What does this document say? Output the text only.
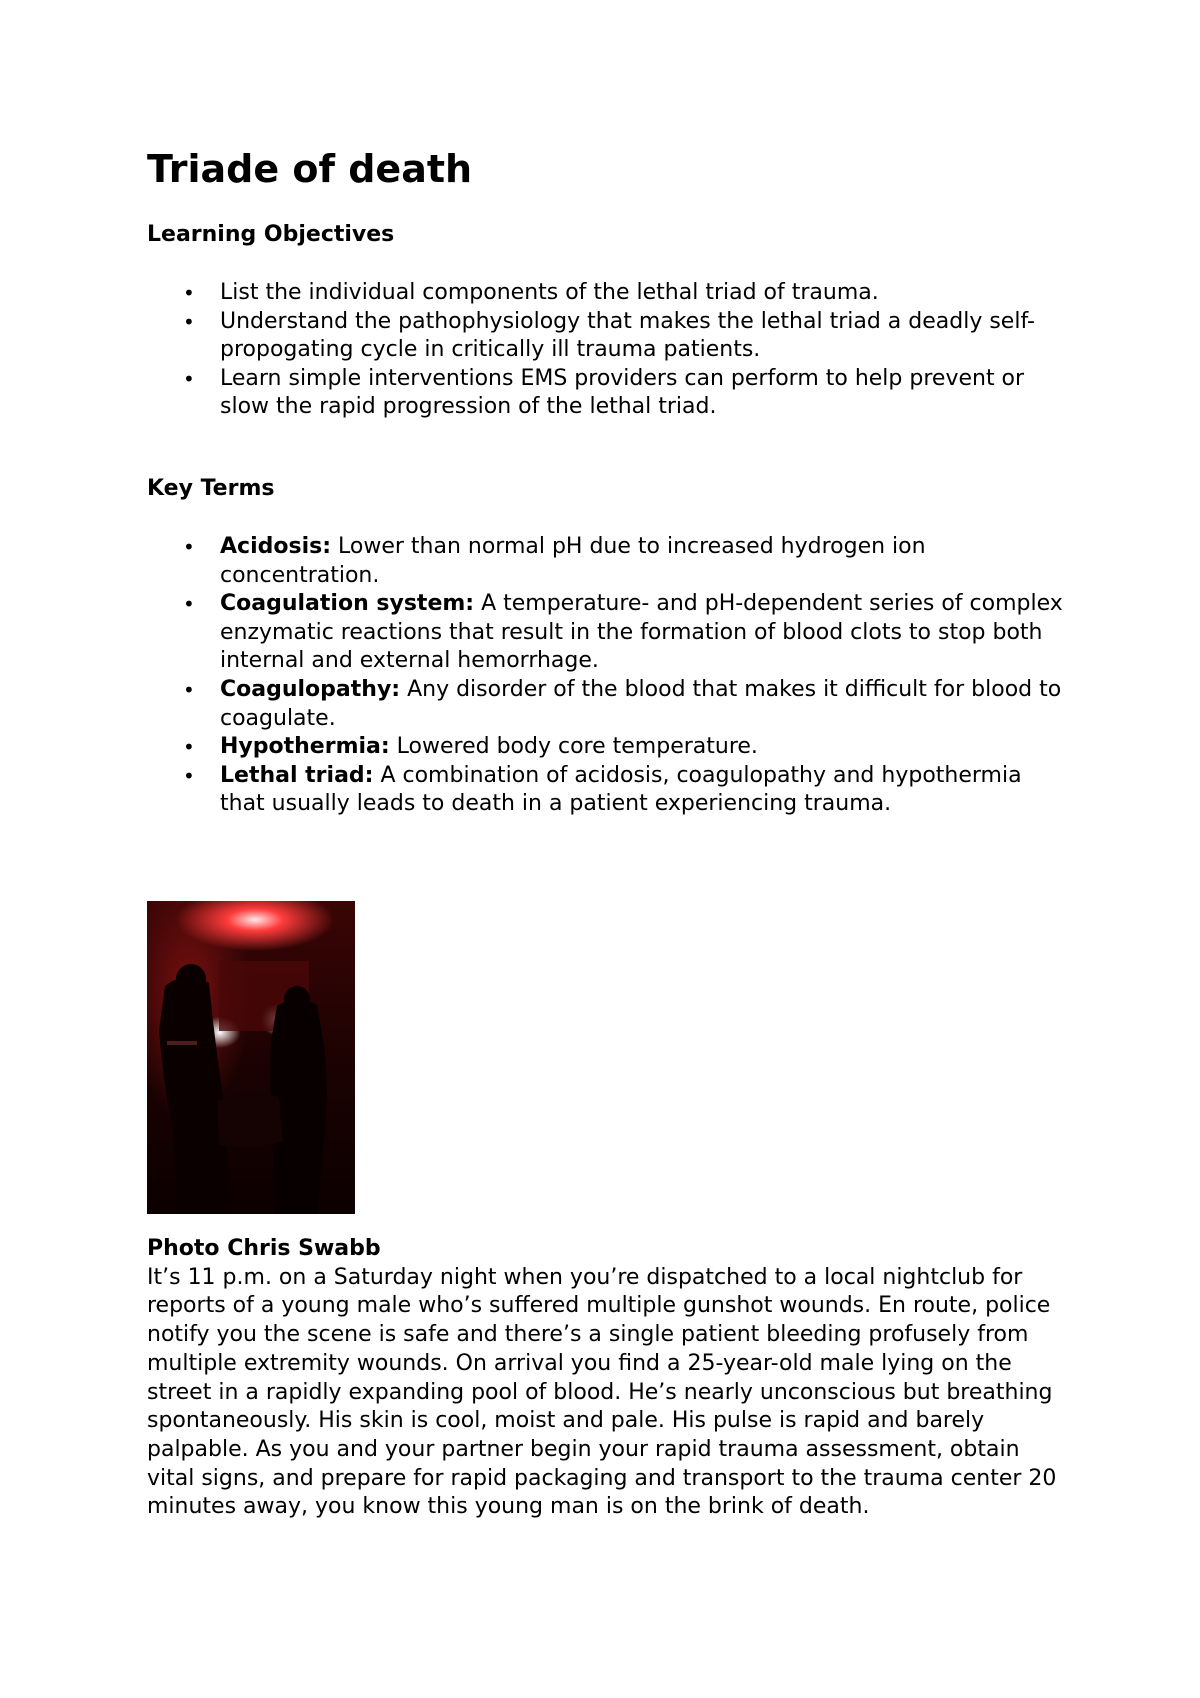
Triade of death
Learning Objectives
• List the individual components of the lethal triad of trauma.
• Understand the pathophysiology that makes the lethal triad a deadly self-propogating cycle in critically ill trauma patients.
• Learn simple interventions EMS providers can perform to help prevent or slow the rapid progression of the lethal triad.
Key Terms
• Acidosis: Lower than normal pH due to increased hydrogen ion concentration.
• Coagulation system: A temperature- and pH-dependent series of complex enzymatic reactions that result in the formation of blood clots to stop both internal and external hemorrhage.
• Coagulopathy: Any disorder of the blood that makes it difficult for blood to coagulate.
• Hypothermia: Lowered body core temperature.
• Lethal triad: A combination of acidosis, coagulopathy and hypothermia that usually leads to death in a patient experiencing trauma.

Photo Chris Swabb
It’s 11 p.m. on a Saturday night when you’re dispatched to a local nightclub for reports of a young male who’s suffered multiple gunshot wounds. En route, police notify you the scene is safe and there’s a single patient bleeding profusely from multiple extremity wounds. On arrival you find a 25-year-old male lying on the street in a rapidly expanding pool of blood. He’s nearly unconscious but breathing spontaneously. His skin is cool, moist and pale. His pulse is rapid and barely palpable. As you and your partner begin your rapid trauma assessment, obtain vital signs, and prepare for rapid packaging and transport to the trauma center 20 minutes away, you know this young man is on the brink of death.
